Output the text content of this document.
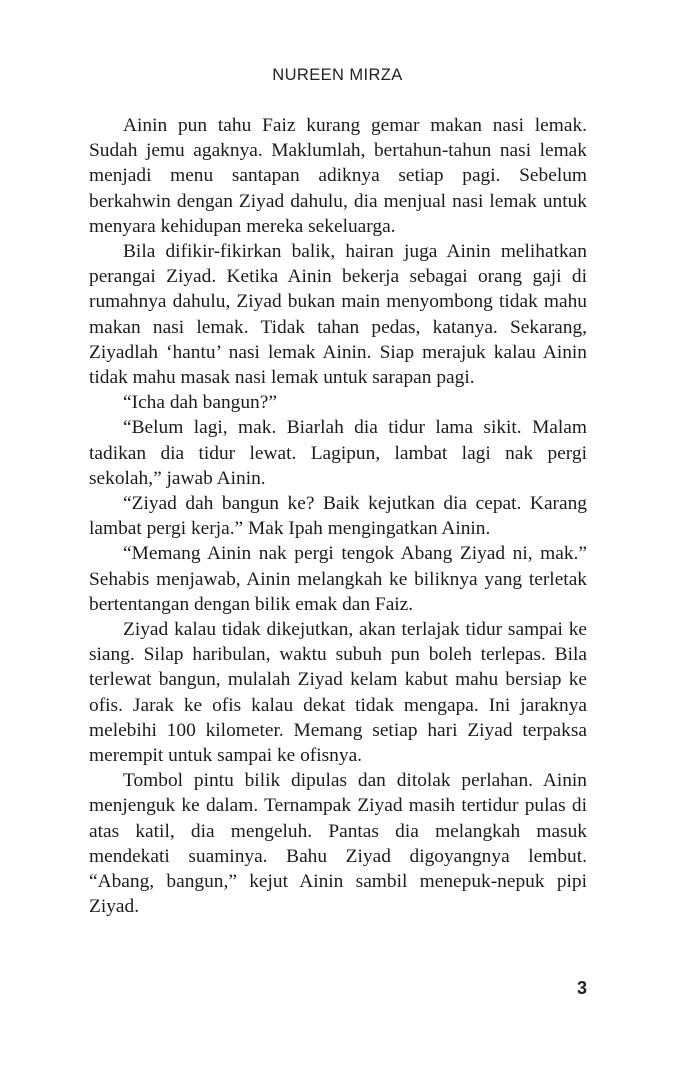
NUREEN MIRZA

Ainin pun tahu Faiz kurang gemar makan nasi lemak. Sudah jemu agaknya. Maklumlah, bertahun-tahun nasi lemak menjadi menu santapan adiknya setiap pagi. Sebelum berkahwin dengan Ziyad dahulu, dia menjual nasi lemak untuk menyara kehidupan mereka sekeluarga.

Bila difikir-fikirkan balik, hairan juga Ainin melihatkan perangai Ziyad. Ketika Ainin bekerja sebagai orang gaji di rumahnya dahulu, Ziyad bukan main menyombong tidak mahu makan nasi lemak. Tidak tahan pedas, katanya. Sekarang, Ziyadlah ‘hantu’ nasi lemak Ainin. Siap merajuk kalau Ainin tidak mahu masak nasi lemak untuk sarapan pagi.

“Icha dah bangun?”

“Belum lagi, mak. Biarlah dia tidur lama sikit. Malam tadikan dia tidur lewat. Lagipun, lambat lagi nak pergi sekolah,” jawab Ainin.

“Ziyad dah bangun ke? Baik kejutkan dia cepat. Karang lambat pergi kerja.” Mak Ipah mengingatkan Ainin.

“Memang Ainin nak pergi tengok Abang Ziyad ni, mak.” Sehabis menjawab, Ainin melangkah ke biliknya yang terletak bertentangan dengan bilik emak dan Faiz.

Ziyad kalau tidak dikejutkan, akan terlajak tidur sampai ke siang. Silap haribulan, waktu subuh pun boleh terlepas. Bila terlewat bangun, mulalah Ziyad kelam kabut mahu bersiap ke ofis. Jarak ke ofis kalau dekat tidak mengapa. Ini jaraknya melebihi 100 kilometer. Memang setiap hari Ziyad terpaksa merempit untuk sampai ke ofisnya.

Tombol pintu bilik dipulas dan ditolak perlahan. Ainin menjenguk ke dalam. Ternampak Ziyad masih tertidur pulas di atas katil, dia mengeluh. Pantas dia melangkah masuk mendekati suaminya. Bahu Ziyad digoyangnya lembut. “Abang, bangun,” kejut Ainin sambil menepuk-nepuk pipi Ziyad.

3
